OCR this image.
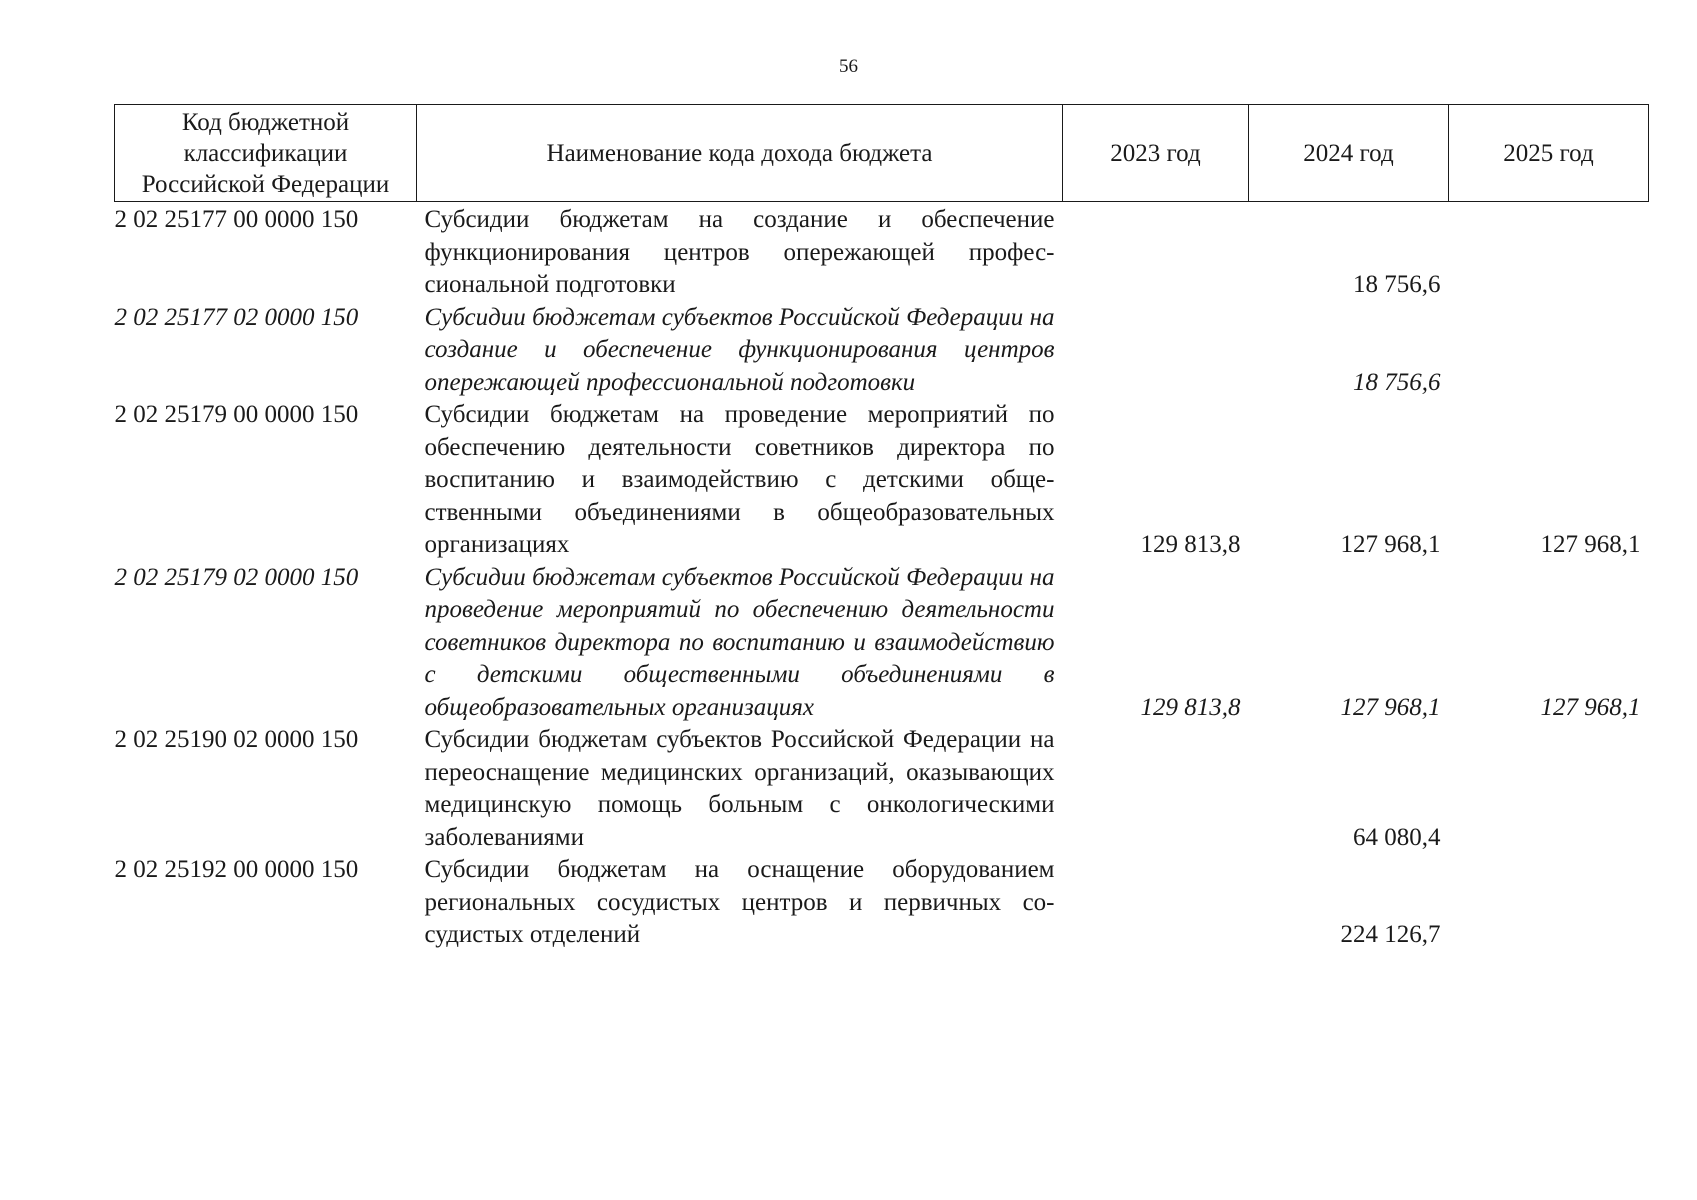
56
Код бюджетной классификации Российской Федерации	Наименование кода дохода бюджета	2023 год	2024 год	2025 год
2 02 25177 00 0000 150	Субсидии бюджетам на создание и обеспечение функционирования центров опережающей профессиональной подготовки		18 756,6	
2 02 25177 02 0000 150	Субсидии бюджетам субъектов Российской Федерации на создание и обеспечение функционирования центров опережающей профессиональной подготовки		18 756,6	
2 02 25179 00 0000 150	Субсидии бюджетам на проведение мероприятий по обеспечению деятельности советников директора по воспитанию и взаимодействию с детскими общественными объединениями в общеобразовательных организациях	129 813,8	127 968,1	127 968,1
2 02 25179 02 0000 150	Субсидии бюджетам субъектов Российской Федерации на проведение мероприятий по обеспечению деятельности советников директора по воспитанию и взаимодействию с детскими общественными объединениями в общеобразовательных организациях	129 813,8	127 968,1	127 968,1
2 02 25190 02 0000 150	Субсидии бюджетам субъектов Российской Федерации на переоснащение медицинских организаций, оказывающих медицинскую помощь больным с онкологическими заболеваниями		64 080,4	
2 02 25192 00 0000 150	Субсидии бюджетам на оснащение оборудованием региональных сосудистых центров и первичных сосудистых отделений		224 126,7	
